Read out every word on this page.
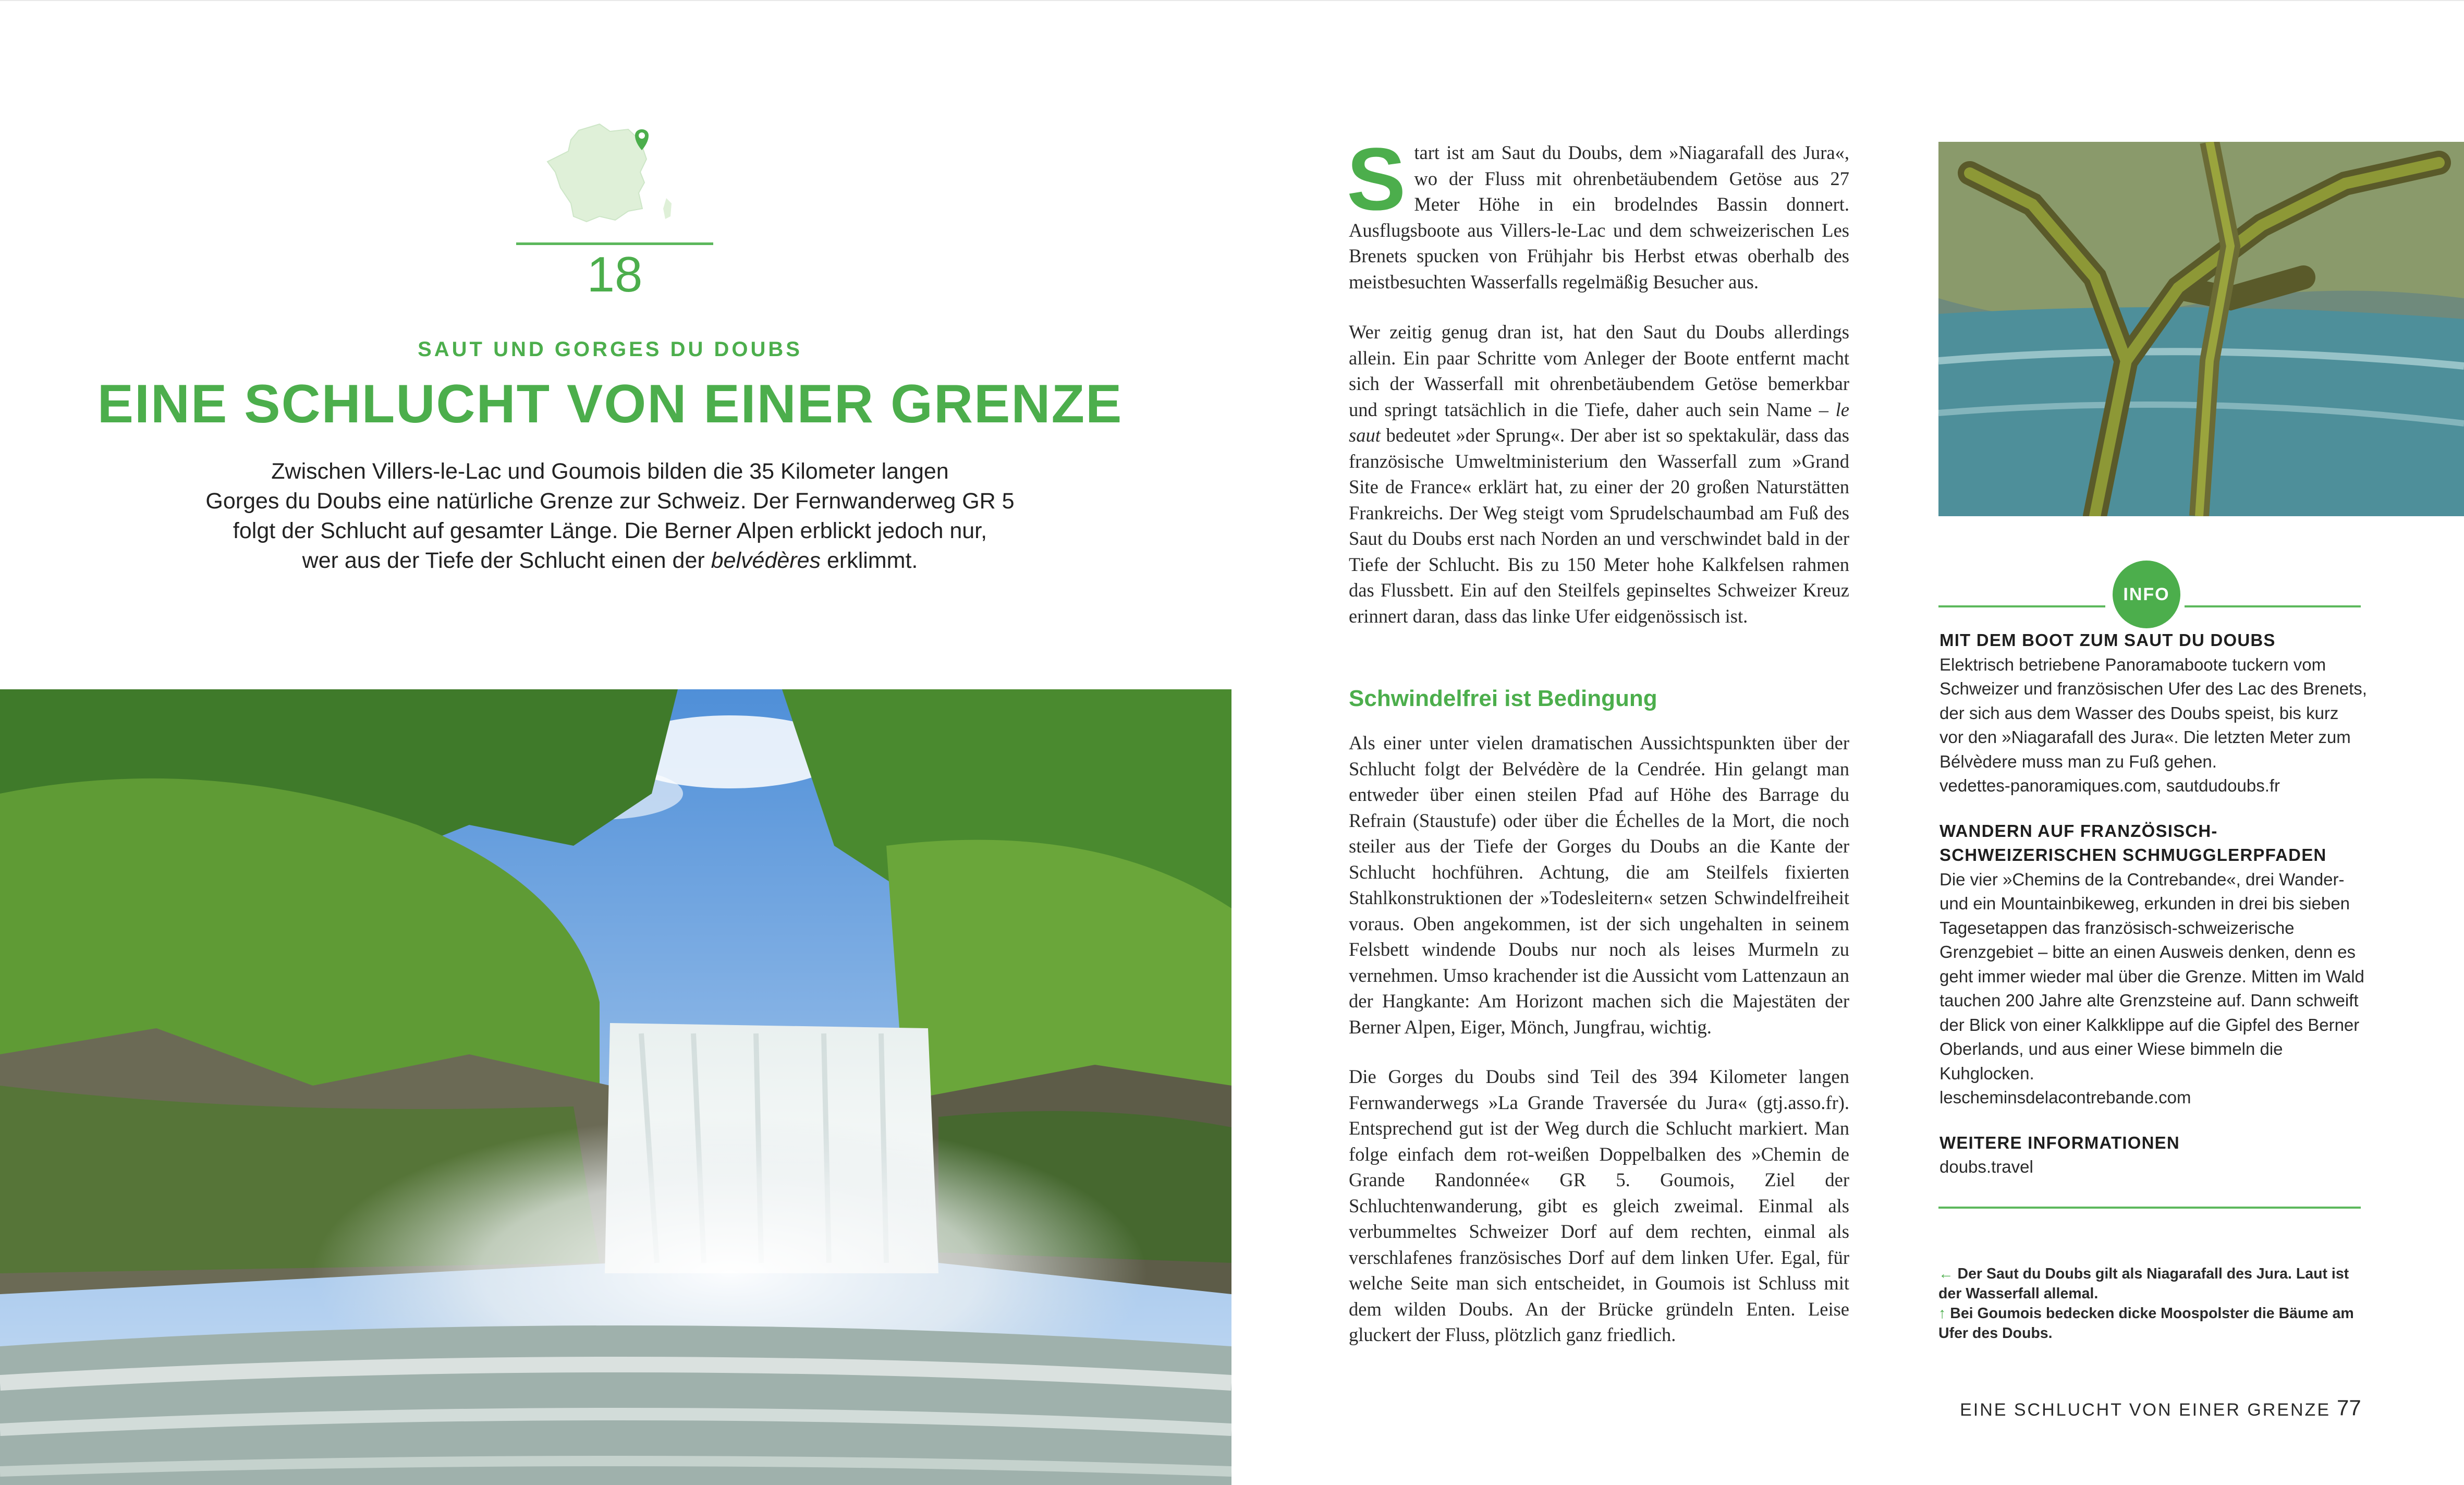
18
SAUT UND GORGES DU DOUBS
EINE SCHLUCHT VON EINER GRENZE
Zwischen Villers-le-Lac und Goumois bilden die 35 Kilometer langen
Gorges du Doubs eine natürliche Grenze zur Schweiz. Der Fernwanderweg GR 5
folgt der Schlucht auf gesamter Länge. Die Berner Alpen erblickt jedoch nur,
wer aus der Tiefe der Schlucht einen der belvédères erklimmt.
Start ist am Saut du Doubs, dem »Niagarafall des Jura«, wo der Fluss mit ohrenbetäubendem Getöse aus 27 Meter Höhe in ein brodelndes Bassin donnert. Ausflugsboote aus Villers-le-Lac und dem schweizerischen Les Brenets spucken von Frühjahr bis Herbst etwas oberhalb des meistbesuchten Wasserfalls regelmäßig Besucher aus.
Wer zeitig genug dran ist, hat den Saut du Doubs allerdings allein. Ein paar Schritte vom Anleger der Boote entfernt macht sich der Wasserfall mit ohrenbetäubendem Getöse bemerkbar und springt tatsächlich in die Tiefe, daher auch sein Name – le saut bedeutet »der Sprung«. Der aber ist so spektakulär, dass das französische Umweltministerium den Wasserfall zum »Grand Site de France« erklärt hat, zu einer der 20 großen Naturstätten Frankreichs. Der Weg steigt vom Sprudelschaumbad am Fuß des Saut du Doubs erst nach Norden an und verschwindet bald in der Tiefe der Schlucht. Bis zu 150 Meter hohe Kalkfelsen rahmen das Flussbett. Ein auf den Steilfels gepinseltes Schweizer Kreuz erinnert daran, dass das linke Ufer eidgenössisch ist.
Schwindelfrei ist Bedingung
Als einer unter vielen dramatischen Aussichtspunkten über der Schlucht folgt der Belvédère de la Cendrée. Hin gelangt man entweder über einen steilen Pfad auf Höhe des Barrage du Refrain (Staustufe) oder über die Échelles de la Mort, die noch steiler aus der Tiefe der Gorges du Doubs an die Kante der Schlucht hochführen. Achtung, die am Steilfels fixierten Stahlkonstruktionen der »Todesleitern« setzen Schwindelfreiheit voraus. Oben angekommen, ist der sich ungehalten in seinem Felsbett windende Doubs nur noch als leises Murmeln zu vernehmen. Umso krachender ist die Aussicht vom Lattenzaun an der Hangkante: Am Horizont machen sich die Majestäten der Berner Alpen, Eiger, Mönch, Jungfrau, wichtig.
Die Gorges du Doubs sind Teil des 394 Kilometer langen Fernwanderwegs »La Grande Traversée du Jura« (gtj.asso.fr). Entsprechend gut ist der Weg durch die Schlucht markiert. Man folge einfach dem rot-weißen Doppelbalken des »Chemin de Grande Randonnée« GR 5. Goumois, Ziel der Schluchtenwanderung, gibt es gleich zweimal. Einmal als verbummeltes Schweizer Dorf auf dem rechten, einmal als verschlafenes französisches Dorf auf dem linken Ufer. Egal, für welche Seite man sich entscheidet, in Goumois ist Schluss mit dem wilden Doubs. An der Brücke gründeln Enten. Leise gluckert der Fluss, plötzlich ganz friedlich.
INFO
MIT DEM BOOT ZUM SAUT DU DOUBS
Elektrisch betriebene Panoramaboote tuckern vom Schweizer und französischen Ufer des Lac des Brenets, der sich aus dem Wasser des Doubs speist, bis kurz vor den »Niagarafall des Jura«. Die letzten Meter zum Bélvèdere muss man zu Fuß gehen.
vedettes-panoramiques.com, sautdudoubs.fr
WANDERN AUF FRANZÖSISCH-SCHWEIZERISCHEN SCHMUGGLERPFADEN
Die vier »Chemins de la Contrebande«, drei Wander- und ein Mountainbikeweg, erkunden in drei bis sieben Tagesetappen das französisch-schweizerische Grenzgebiet – bitte an einen Ausweis denken, denn es geht immer wieder mal über die Grenze. Mitten im Wald tauchen 200 Jahre alte Grenzsteine auf. Dann schweift der Blick von einer Kalkklippe auf die Gipfel des Berner Oberlands, und aus einer Wiese bimmeln die Kuhglocken.
lescheminsdelacontrebande.com
WEITERE INFORMATIONEN
doubs.travel
← Der Saut du Doubs gilt als Niagarafall des Jura. Laut ist der Wasserfall allemal.
↑ Bei Goumois bedecken dicke Moospolster die Bäume am Ufer des Doubs.
EINE SCHLUCHT VON EINER GRENZE 77
